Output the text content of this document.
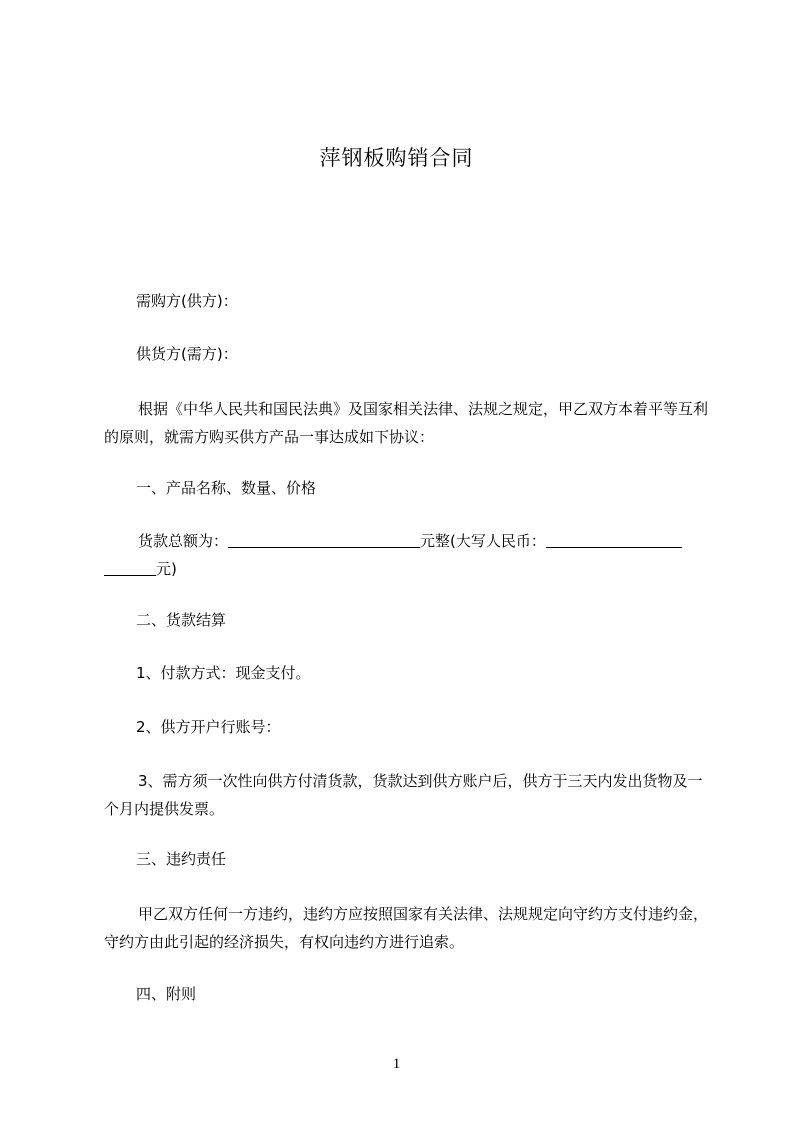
萍钢板购销合同

需购方(供方)：

供货方(需方)：

根据《中华人民共和国民法典》及国家相关法律、法规之规定，甲乙双方本着平等互利的原则，就需方购买供方产品一事达成如下协议：

一、产品名称、数量、价格

货款总额为：	元整(大写人民币：
元)

二、货款结算

1、付款方式：现金支付。

2、供方开户行账号：

3、需方须一次性向供方付清货款，货款达到供方账户后，供方于三天内发出货物及一个月内提供发票。

三、违约责任

甲乙双方任何一方违约，违约方应按照国家有关法律、法规规定向守约方支付违约金，守约方由此引起的经济损失，有权向违约方进行追索。

四、附则

1
